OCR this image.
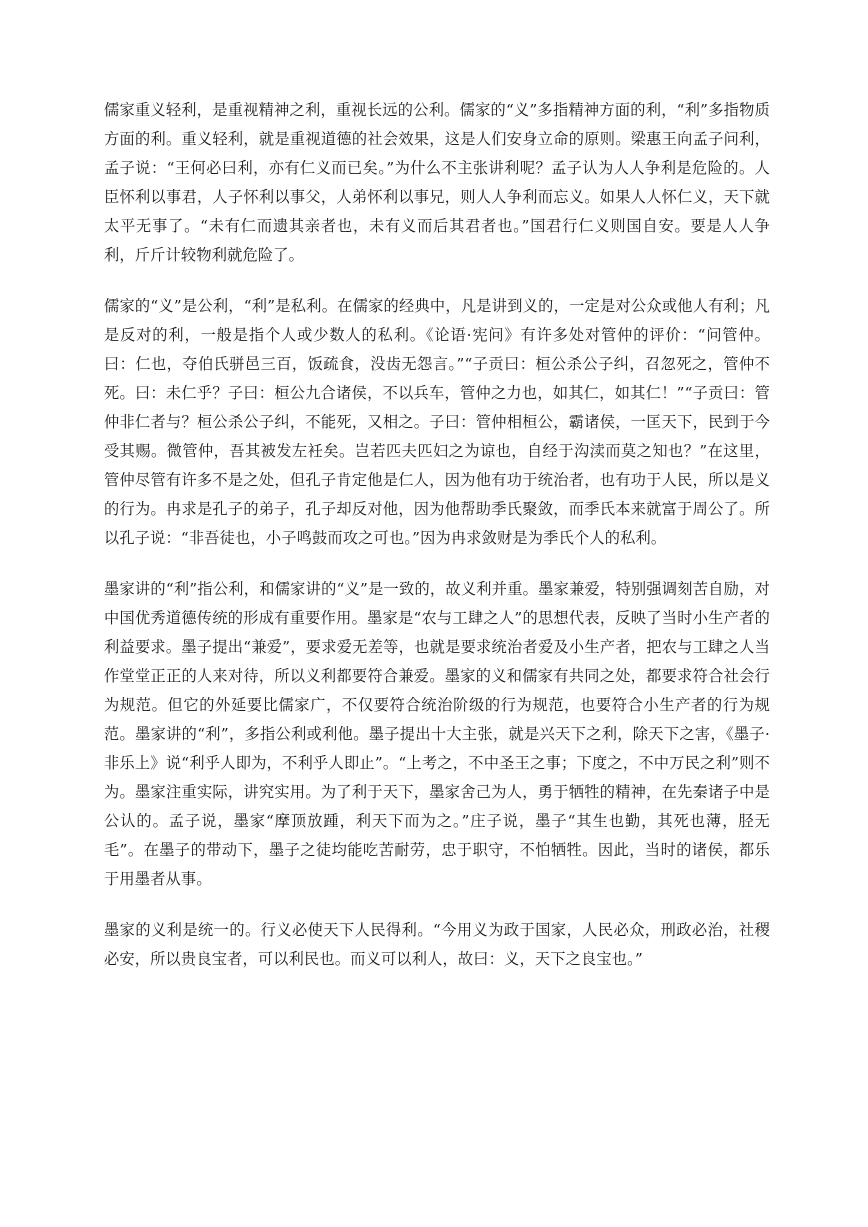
儒家重义轻利，是重视精神之利，重视长远的公利。儒家的“义”多指精神方面的利，“利”多指物质方面的利。重义轻利，就是重视道德的社会效果，这是人们安身立命的原则。梁惠王向孟子问利，孟子说：“王何必曰利，亦有仁义而已矣。”为什么不主张讲利呢？孟子认为人人争利是危险的。人臣怀利以事君，人子怀利以事父，人弟怀利以事兄，则人人争利而忘义。如果人人怀仁义，天下就太平无事了。“未有仁而遗其亲者也，未有义而后其君者也。”国君行仁义则国自安。要是人人争利，斤斤计较物利就危险了。

儒家的“义”是公利，“利”是私利。在儒家的经典中，凡是讲到义的，一定是对公众或他人有利；凡是反对的利，一般是指个人或少数人的私利。《论语·宪问》有许多处对管仲的评价：“问管仲。曰：仁也，夺伯氏骈邑三百，饭疏食，没齿无怨言。”“子贡曰：桓公杀公子纠，召忽死之，管仲不死。曰：未仁乎？子曰：桓公九合诸侯，不以兵车，管仲之力也，如其仁，如其仁！”“子贡曰：管仲非仁者与？桓公杀公子纠，不能死，又相之。子曰：管仲相桓公，霸诸侯，一匡天下，民到于今受其赐。微管仲，吾其被发左衽矣。岂若匹夫匹妇之为谅也，自经于沟渎而莫之知也？”在这里，管仲尽管有许多不是之处，但孔子肯定他是仁人，因为他有功于统治者，也有功于人民，所以是义的行为。冉求是孔子的弟子，孔子却反对他，因为他帮助季氏聚敛，而季氏本来就富于周公了。所以孔子说：“非吾徒也，小子鸣鼓而攻之可也。”因为冉求敛财是为季氏个人的私利。

墨家讲的“利”指公利，和儒家讲的“义”是一致的，故义利并重。墨家兼爱，特别强调刻苦自励，对中国优秀道德传统的形成有重要作用。墨家是“农与工肆之人”的思想代表，反映了当时小生产者的利益要求。墨子提出“兼爱”，要求爱无差等，也就是要求统治者爱及小生产者，把农与工肆之人当作堂堂正正的人来对待，所以义利都要符合兼爱。墨家的义和儒家有共同之处，都要求符合社会行为规范。但它的外延要比儒家广，不仅要符合统治阶级的行为规范，也要符合小生产者的行为规范。墨家讲的“利”，多指公利或利他。墨子提出十大主张，就是兴天下之利，除天下之害，《墨子·非乐上》说“利乎人即为，不利乎人即止”。“上考之，不中圣王之事；下度之，不中万民之利”则不为。墨家注重实际，讲究实用。为了利于天下，墨家舍己为人，勇于牺牲的精神，在先秦诸子中是公认的。孟子说，墨家“摩顶放踵，利天下而为之。”庄子说，墨子“其生也勤，其死也薄，胫无毛”。在墨子的带动下，墨子之徒均能吃苦耐劳，忠于职守，不怕牺牲。因此，当时的诸侯，都乐于用墨者从事。

墨家的义利是统一的。行义必使天下人民得利。“今用义为政于国家，人民必众，刑政必治，社稷必安，所以贵良宝者，可以利民也。而义可以利人，故曰：义，天下之良宝也。”
